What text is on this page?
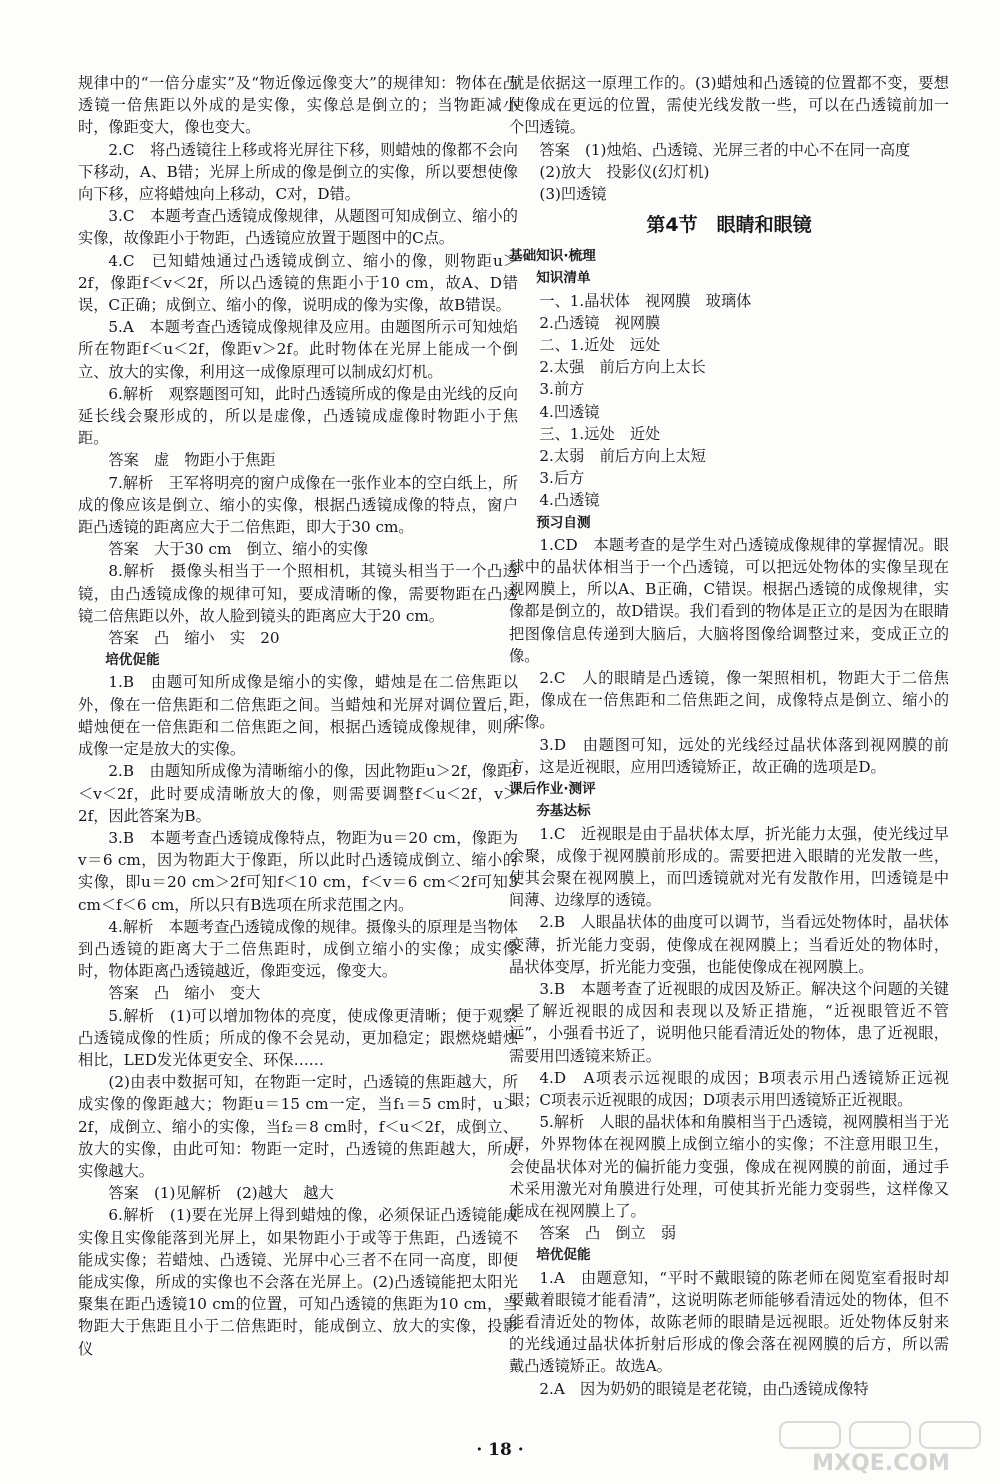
规律中的“一倍分虚实”及“物近像远像变大”的规律知：物体在凸透镜一倍焦距以外成的是实像，实像总是倒立的；当物距减小时，像距变大，像也变大。

2.C　将凸透镜往上移或将光屏往下移，则蜡烛的像都不会向下移动，A、B错；光屏上所成的像是倒立的实像，所以要想使像向下移，应将蜡烛向上移动，C对，D错。

3.C　本题考查凸透镜成像规律，从题图可知成倒立、缩小的实像，故像距小于物距，凸透镜应放置于题图中的C点。

4.C　已知蜡烛通过凸透镜成倒立、缩小的像，则物距u＞2f，像距f＜v＜2f，所以凸透镜的焦距小于10 cm，故A、D错误，C正确；成倒立、缩小的像，说明成的像为实像，故B错误。

5.A　本题考查凸透镜成像规律及应用。由题图所示可知烛焰所在物距f＜u＜2f，像距v＞2f。此时物体在光屏上能成一个倒立、放大的实像，利用这一成像原理可以制成幻灯机。

6.解析　观察题图可知，此时凸透镜所成的像是由光线的反向延长线会聚形成的，所以是虚像，凸透镜成虚像时物距小于焦距。

答案　虚　物距小于焦距

7.解析　王军将明亮的窗户成像在一张作业本的空白纸上，所成的像应该是倒立、缩小的实像，根据凸透镜成像的特点，窗户距凸透镜的距离应大于二倍焦距，即大于30 cm。

答案　大于30 cm　倒立、缩小的实像

8.解析　摄像头相当于一个照相机，其镜头相当于一个凸透镜，由凸透镜成像的规律可知，要成清晰的像，需要物距在凸透镜二倍焦距以外，故人脸到镜头的距离应大于20 cm。

答案　凸　缩小　实　20

培优促能

1.B　由题可知所成像是缩小的实像，蜡烛是在二倍焦距以外，像在一倍焦距和二倍焦距之间。当蜡烛和光屏对调位置后，蜡烛便在一倍焦距和二倍焦距之间，根据凸透镜成像规律，则所成像一定是放大的实像。

2.B　由题知所成像为清晰缩小的像，因此物距u＞2f，像距f＜v＜2f，此时要成清晰放大的像，则需要调整f＜u＜2f，v＞2f，因此答案为B。

3.B　本题考查凸透镜成像特点，物距为u＝20 cm，像距为v＝6 cm，因为物距大于像距，所以此时凸透镜成倒立、缩小的实像，即u＝20 cm＞2f可知f＜10 cm，f＜v＝6 cm＜2f可知3 cm＜f＜6 cm，所以只有B选项在所求范围之内。

4.解析　本题考查凸透镜成像的规律。摄像头的原理是当物体到凸透镜的距离大于二倍焦距时，成倒立缩小的实像；成实像时，物体距离凸透镜越近，像距变远，像变大。

答案　凸　缩小　变大

5.解析　(1)可以增加物体的亮度，使成像更清晰；便于观察凸透镜成像的性质；所成的像不会晃动，更加稳定；跟燃烧蜡烛相比，LED发光体更安全、环保……

(2)由表中数据可知，在物距一定时，凸透镜的焦距越大，所成实像的像距越大；物距u＝15 cm一定，当f₁＝5 cm时，u＞2f，成倒立、缩小的实像，当f₂＝8 cm时，f＜u＜2f，成倒立、放大的实像，由此可知：物距一定时，凸透镜的焦距越大，所成实像越大。

答案　(1)见解析　(2)越大　越大

6.解析　(1)要在光屏上得到蜡烛的像，必须保证凸透镜能成实像且实像能落到光屏上，如果物距小于或等于焦距，凸透镜不能成实像；若蜡烛、凸透镜、光屏中心三者不在同一高度，即便能成实像，所成的实像也不会落在光屏上。(2)凸透镜能把太阳光聚集在距凸透镜10 cm的位置，可知凸透镜的焦距为10 cm，当物距大于焦距且小于二倍焦距时，能成倒立、放大的实像，投影仪

就是依据这一原理工作的。(3)蜡烛和凸透镜的位置都不变，要想使像成在更远的位置，需使光线发散一些，可以在凸透镜前加一个凹透镜。

答案　(1)烛焰、凸透镜、光屏三者的中心不在同一高度

(2)放大　投影仪(幻灯机)

(3)凹透镜

第4节　眼睛和眼镜

基础知识·梳理

知识清单

一、1.晶状体　视网膜　玻璃体

2.凸透镜　视网膜

二、1.近处　远处

2.太强　前后方向上太长

3.前方

4.凹透镜

三、1.远处　近处

2.太弱　前后方向上太短

3.后方

4.凸透镜

预习自测

1.CD　本题考查的是学生对凸透镜成像规律的掌握情况。眼球中的晶状体相当于一个凸透镜，可以把远处物体的实像呈现在视网膜上，所以A、B正确，C错误。根据凸透镜的成像规律，实像都是倒立的，故D错误。我们看到的物体是正立的是因为在眼睛把图像信息传递到大脑后，大脑将图像给调整过来，变成正立的像。

2.C　人的眼睛是凸透镜，像一架照相机，物距大于二倍焦距，像成在一倍焦距和二倍焦距之间，成像特点是倒立、缩小的实像。

3.D　由题图可知，远处的光线经过晶状体落到视网膜的前方，这是近视眼，应用凹透镜矫正，故正确的选项是D。

课后作业·测评

夯基达标

1.C　近视眼是由于晶状体太厚，折光能力太强，使光线过早会聚，成像于视网膜前形成的。需要把进入眼睛的光发散一些，使其会聚在视网膜上，而凹透镜就对光有发散作用，凹透镜是中间薄、边缘厚的透镜。

2.B　人眼晶状体的曲度可以调节，当看远处物体时，晶状体变薄，折光能力变弱，使像成在视网膜上；当看近处的物体时，晶状体变厚，折光能力变强，也能使像成在视网膜上。

3.B　本题考查了近视眼的成因及矫正。解决这个问题的关键是了解近视眼的成因和表现以及矫正措施，“近视眼管近不管远”，小强看书近了，说明他只能看清近处的物体，患了近视眼，需要用凹透镜来矫正。

4.D　A项表示远视眼的成因；B项表示用凸透镜矫正远视眼；C项表示近视眼的成因；D项表示用凹透镜矫正近视眼。

5.解析　人眼的晶状体和角膜相当于凸透镜，视网膜相当于光屏，外界物体在视网膜上成倒立缩小的实像；不注意用眼卫生，会使晶状体对光的偏折能力变强，像成在视网膜的前面，通过手术采用激光对角膜进行处理，可使其折光能力变弱些，这样像又能成在视网膜上了。

答案　凸　倒立　弱

培优促能

1.A　由题意知，“平时不戴眼镜的陈老师在阅览室看报时却要戴着眼镜才能看清”，这说明陈老师能够看清远处的物体，但不能看清近处的物体，故陈老师的眼睛是远视眼。近处物体反射来的光线通过晶状体折射后形成的像会落在视网膜的后方，所以需戴凸透镜矫正。故选A。

2.A　因为奶奶的眼镜是老花镜，由凸透镜成像特

· 18 ·
MXQE.COM
